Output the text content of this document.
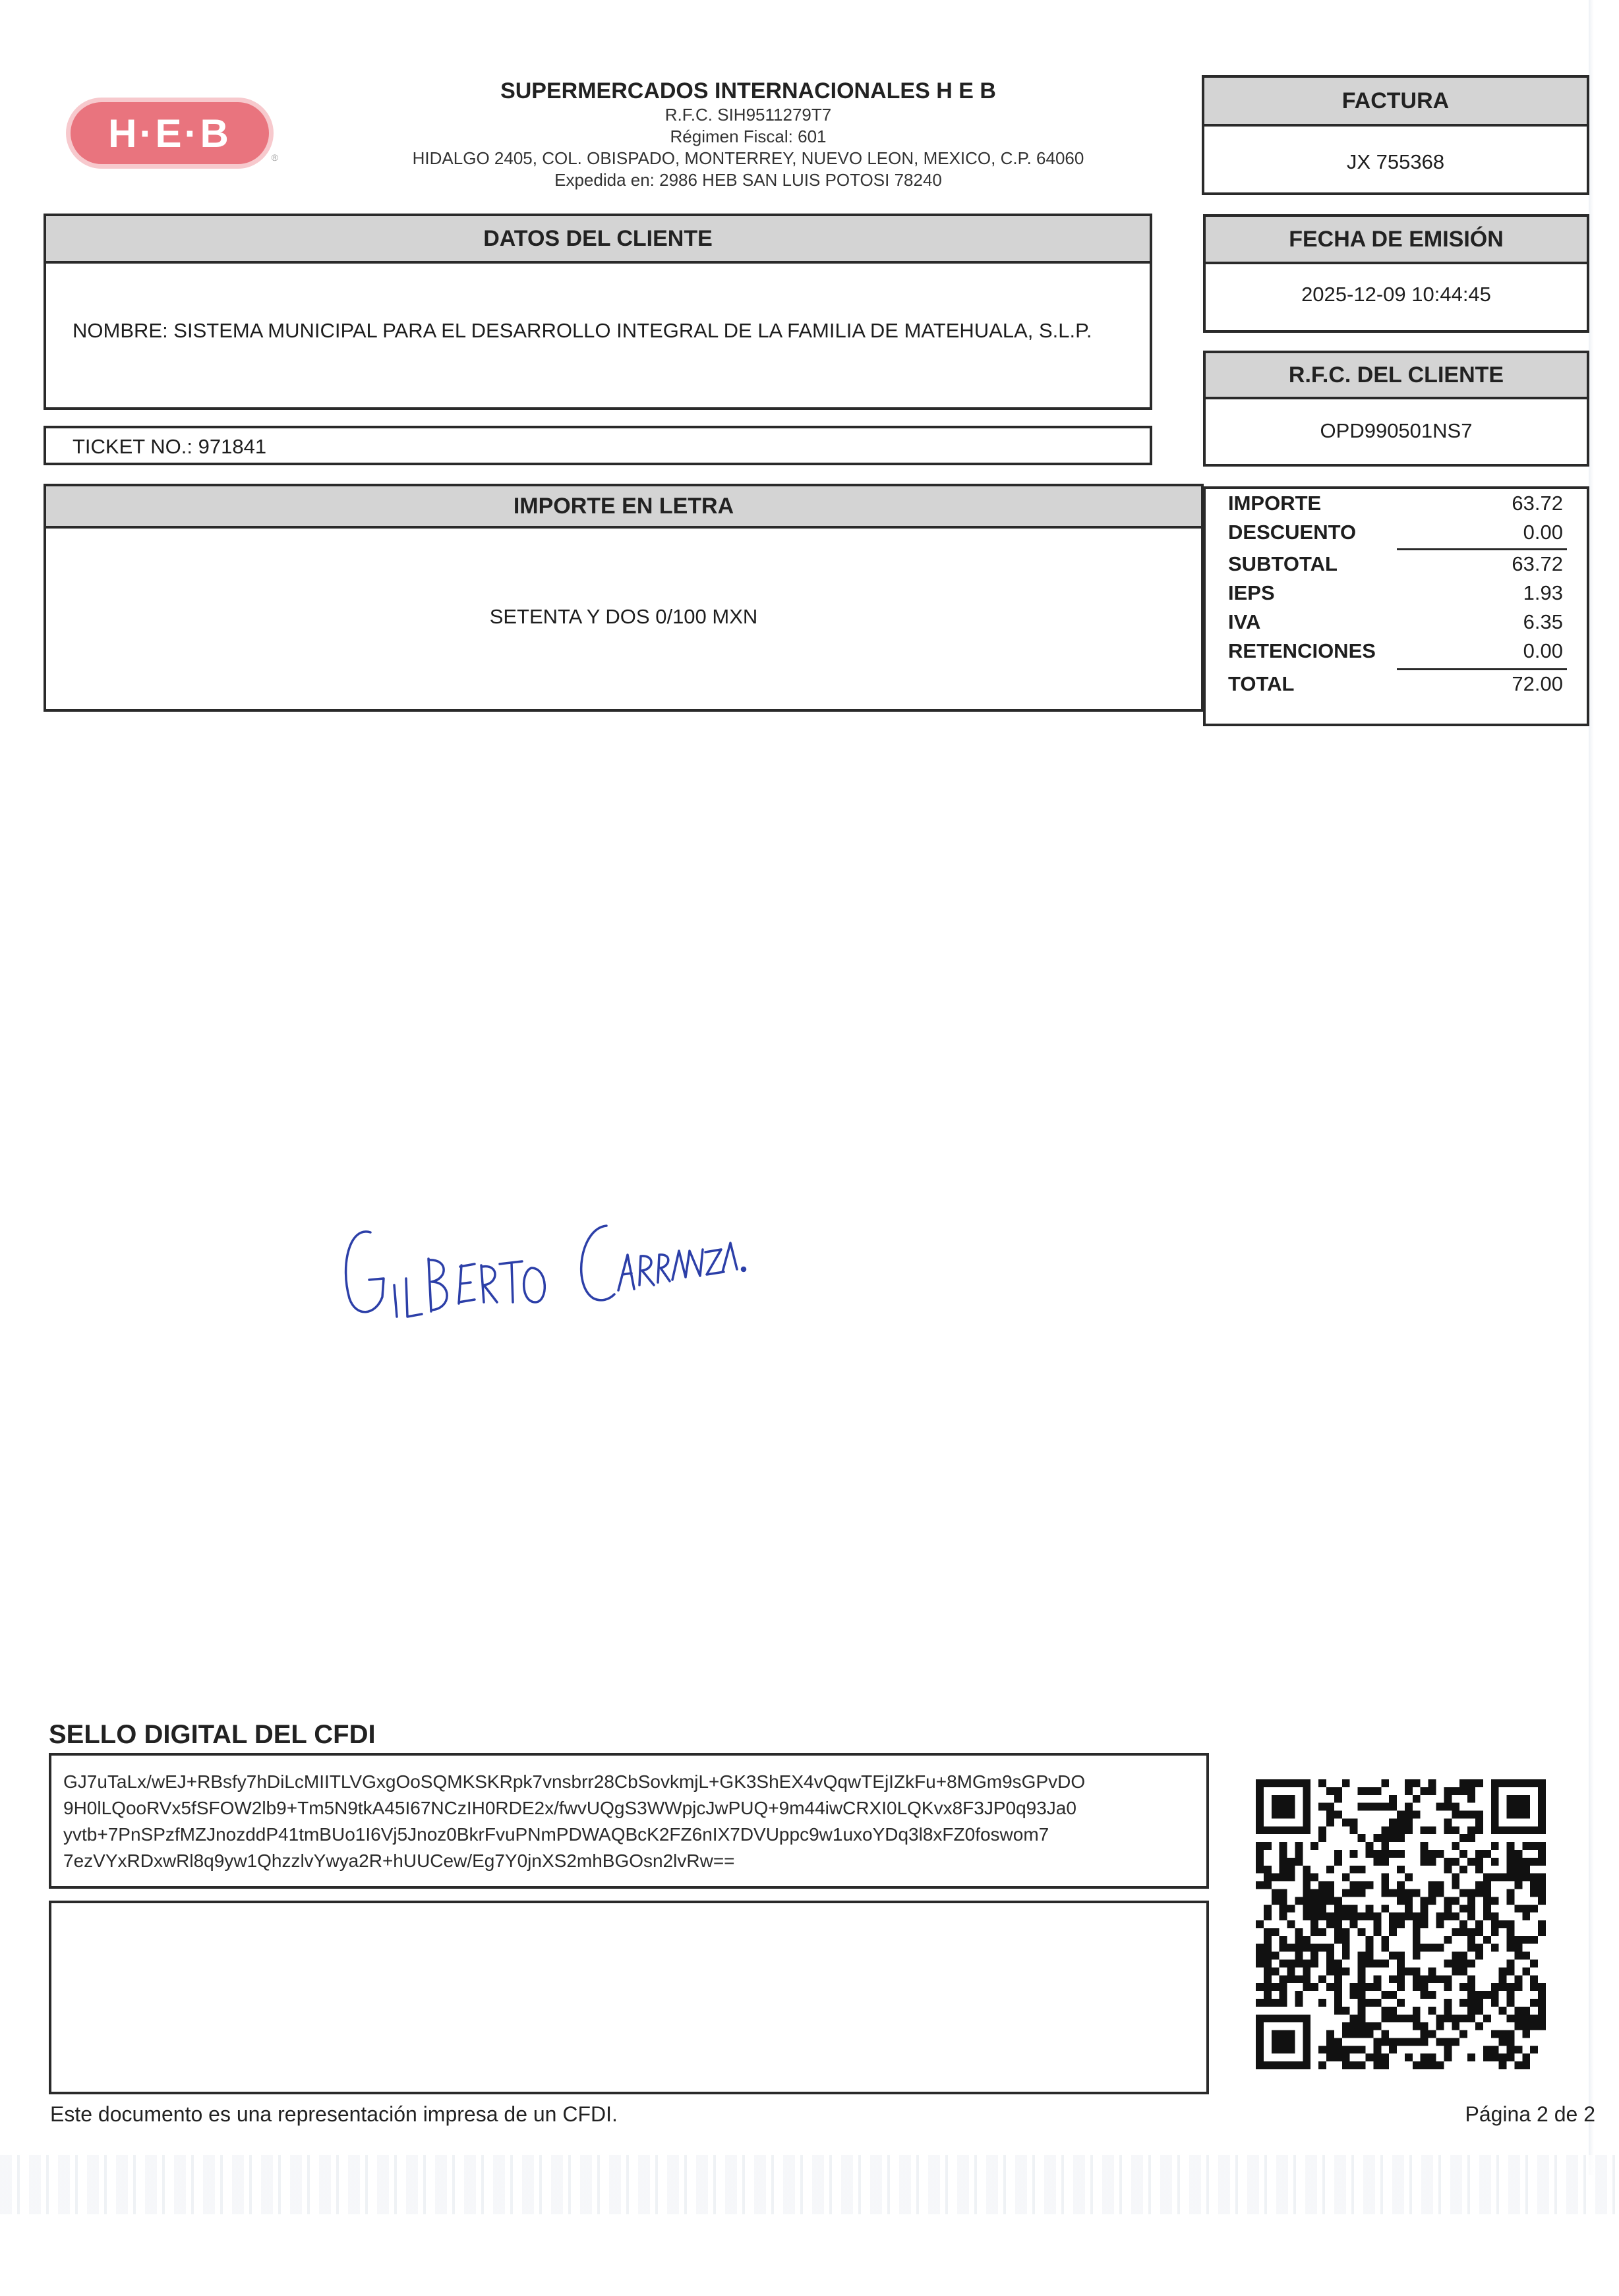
H·E·B
®
SUPERMERCADOS INTERNACIONALES H E B
R.F.C. SIH9511279T7
Régimen Fiscal: 601
HIDALGO 2405, COL. OBISPADO, MONTERREY, NUEVO LEON, MEXICO, C.P. 64060
Expedida en: 2986 HEB SAN LUIS POTOSI 78240
FACTURA
JX 755368
DATOS DEL CLIENTE
NOMBRE: SISTEMA MUNICIPAL PARA EL DESARROLLO INTEGRAL DE LA FAMILIA DE MATEHUALA, S.L.P.
FECHA DE EMISIÓN
2025-12-09 10:44:45
R.F.C. DEL CLIENTE
OPD990501NS7
TICKET NO.: 971841
IMPORTE EN LETRA
SETENTA Y DOS 0/100 MXN
IMPORTE	63.72
DESCUENTO	0.00
SUBTOTAL	63.72
IEPS	1.93
IVA	6.35
RETENCIONES	0.00
TOTAL	72.00
SELLO DIGITAL DEL CFDI
GJ7uTaLx/wEJ+RBsfy7hDiLcMIITLVGxgOoSQMKSKRpk7vnsbrr28CbSovkmjL+GK3ShEX4vQqwTEjIZkFu+8MGm9sGPvDO
9H0lLQooRVx5fSFOW2lb9+Tm5N9tkA45I67NCzIH0RDE2x/fwvUQgS3WWpjcJwPUQ+9m44iwCRXI0LQKvx8F3JP0q93Ja0
yvtb+7PnSPzfMZJnozddP41tmBUo1I6Vj5Jnoz0BkrFvuPNmPDWAQBcK2FZ6nIX7DVUppc9w1uxoYDq3l8xFZ0foswom7
7ezVYxRDxwRl8q9yw1QhzzlvYwya2R+hUUCew/Eg7Y0jnXS2mhBGOsn2lvRw==
Este documento es una representación impresa de un CFDI.	Página 2 de 2
